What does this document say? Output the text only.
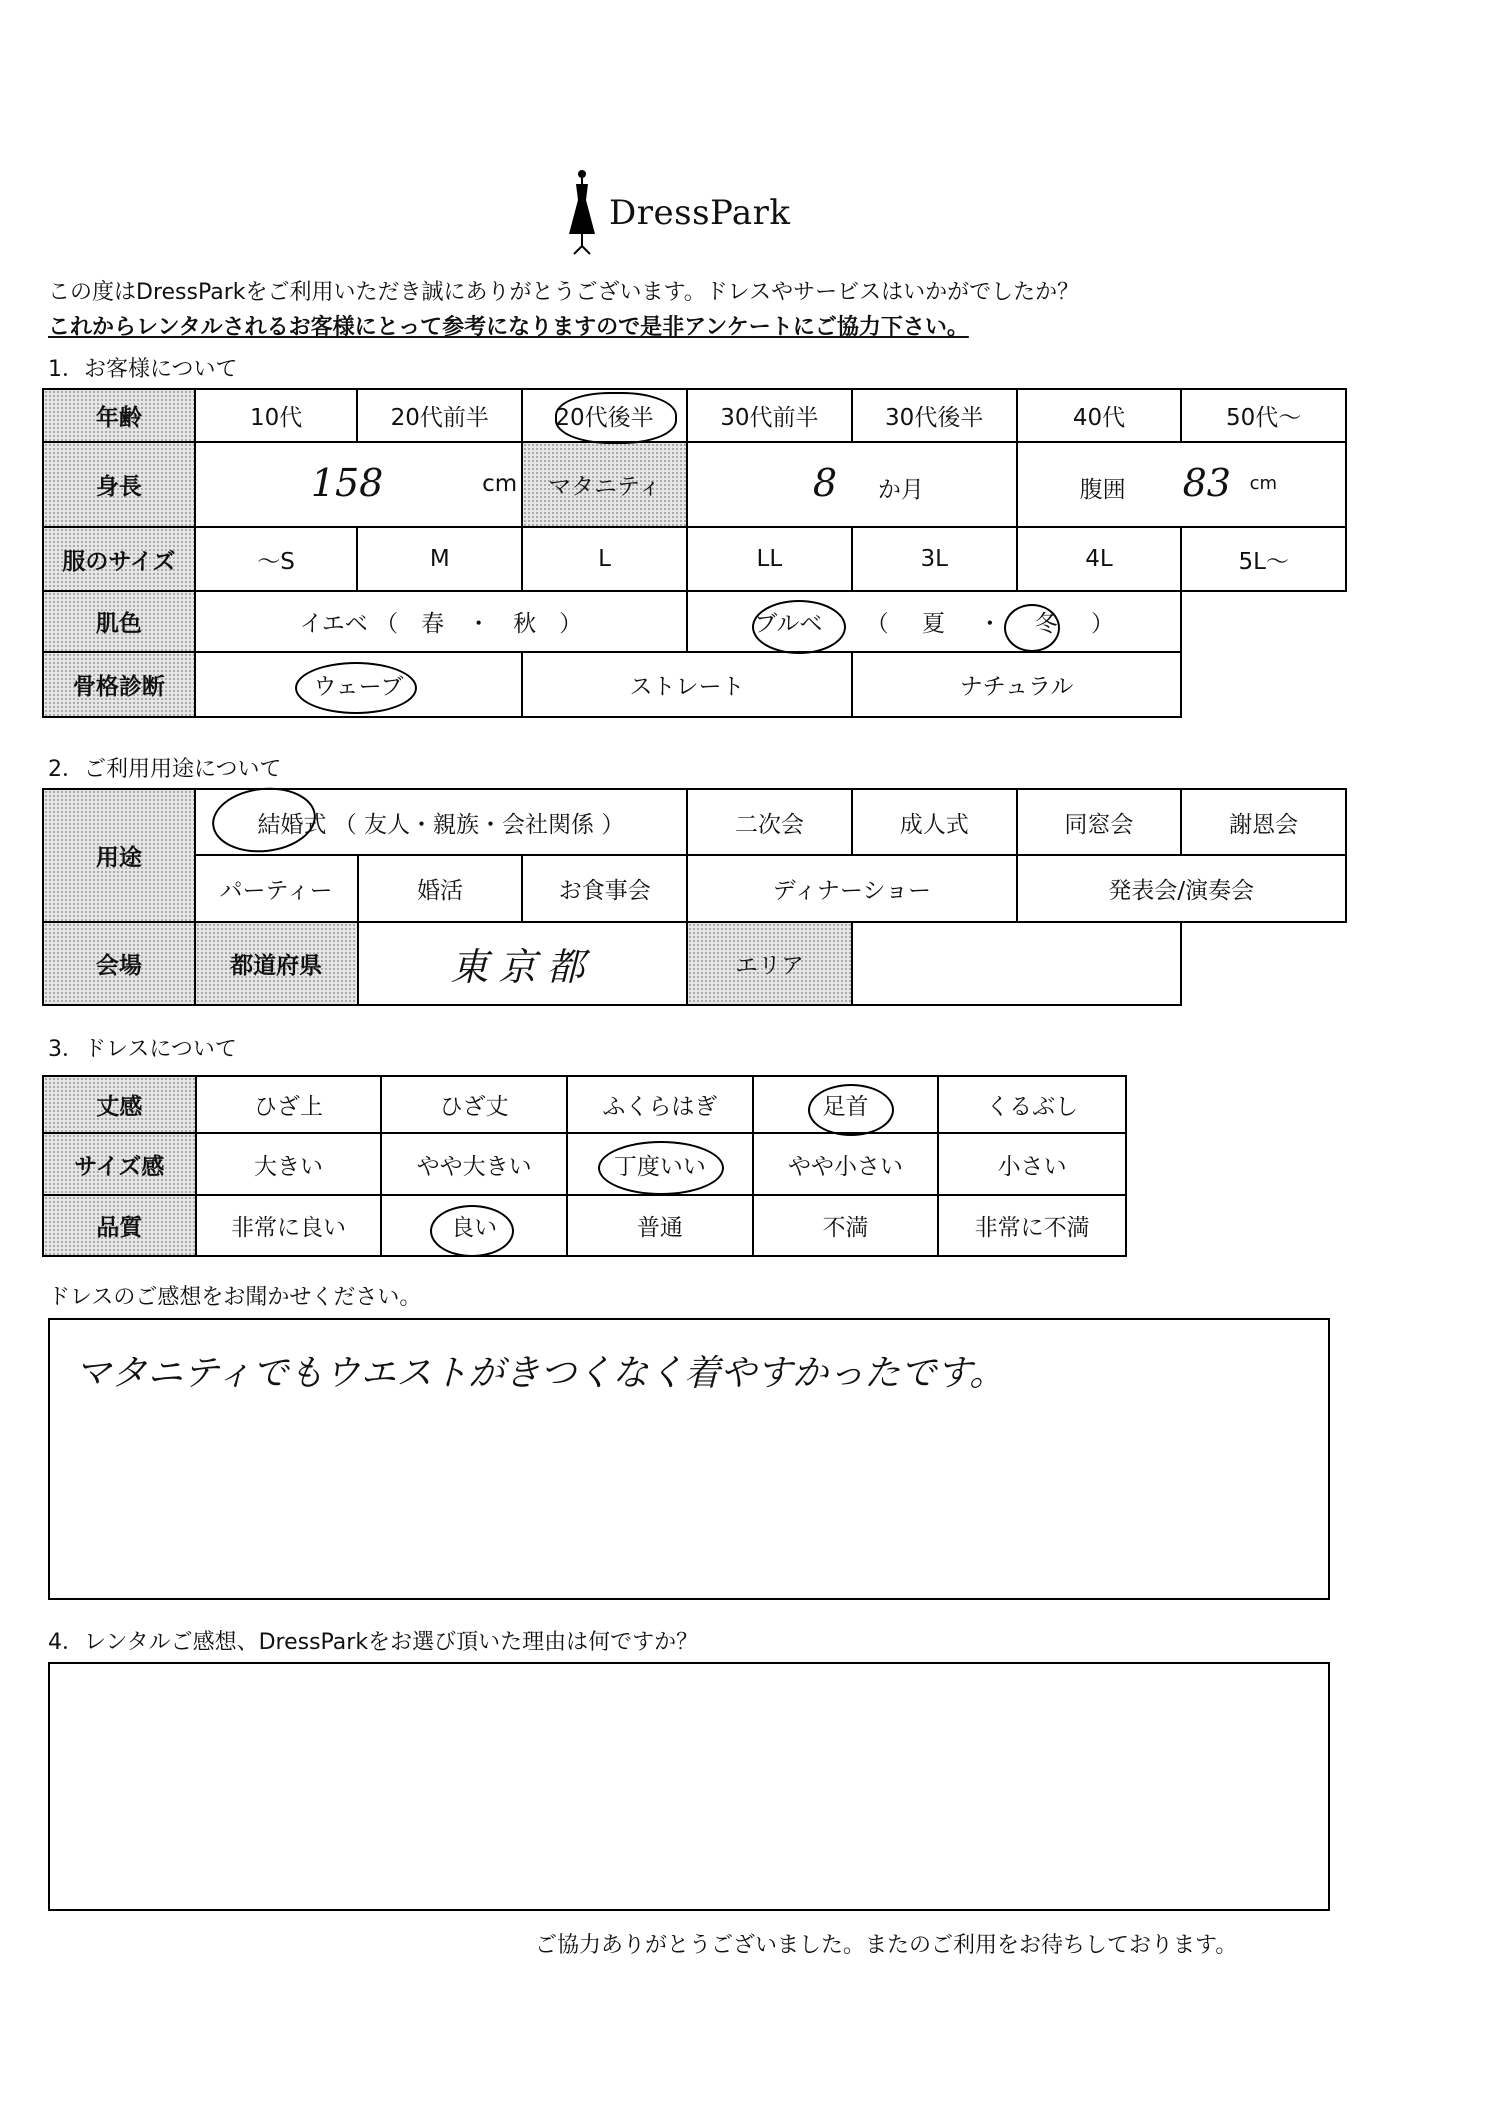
DressPark
この度はDressParkをご利用いただき誠にありがとうございます。ドレスやサービスはいかがでしたか？
これからレンタルされるお客様にとって参考になりますので是非アンケートにご協力下さい。
1．お客様について
年齢	10代	20代前半	20代後半	30代前半	30代後半	40代	50代～
身長	158 cm		マタニティ	8 か月		腹囲 83 cm	

服のサイズ	～S	M	L	LL	3L	4L	5L～
肌色	イエベ （　春　・　秋　）			ブルベ （ 夏 ・ 冬 ）			
骨格診断	ウェーブ		ストレート		ナチュラル		
2．ご利用用途について
用途	結婚式 （ 友人・親族・会社関係 ）			二次会	成人式	同窓会	謝恩会
	パーティー	婚活	お食事会	ディナーショー		発表会/演奏会	
会場	都道府県	東京都		エリア			
3．ドレスについて
丈感	ひざ上	ひざ丈	ふくらはぎ	足首	くるぶし
サイズ感	大きい	やや大きい	丁度いい	やや小さい	小さい
品質	非常に良い	良い	普通	不満	非常に不満
ドレスのご感想をお聞かせください。
マタニティでもウエストがきつくなく着やすかったです。
4．レンタルご感想、DressParkをお選び頂いた理由は何ですか？
ご協力ありがとうございました。またのご利用をお待ちしております。
